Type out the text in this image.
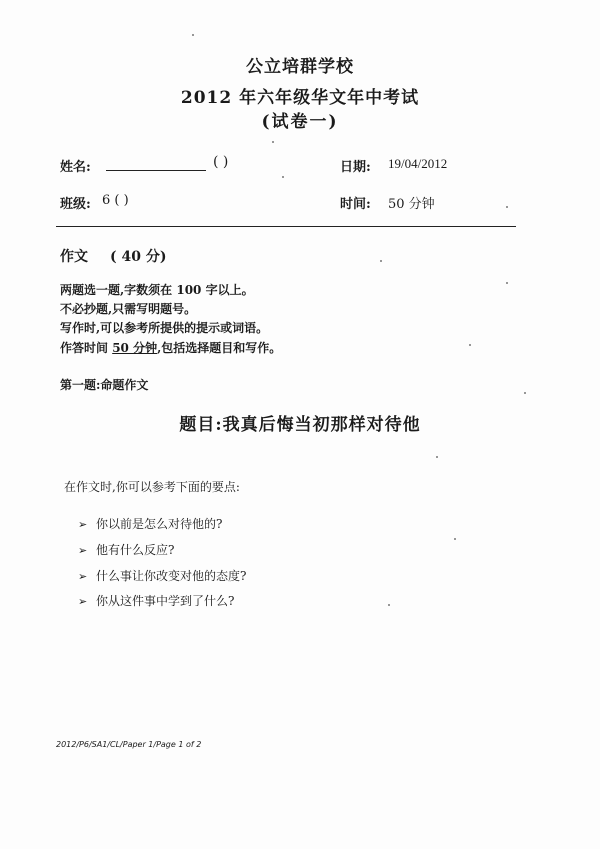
公立培群学校
2012 年六年级华文年中考试
(试卷一)
姓名:	( )	日期: 19/04/2012
班级: 6 ( )	时间: 50 分钟
作文 ( 40 分)
两题选一题,字数须在 100 字以上。
不必抄题,只需写明题号。
写作时,可以参考所提供的提示或词语。
作答时间 50 分钟,包括选择题目和写作。
第一题:命题作文
题目:我真后悔当初那样对待他
在作文时,你可以参考下面的要点:
➢ 你以前是怎么对待他的?
➢ 他有什么反应?
➢ 什么事让你改变对他的态度?
➢ 你从这件事中学到了什么?
2012/P6/SA1/CL/Paper 1/Page 1 of 2
